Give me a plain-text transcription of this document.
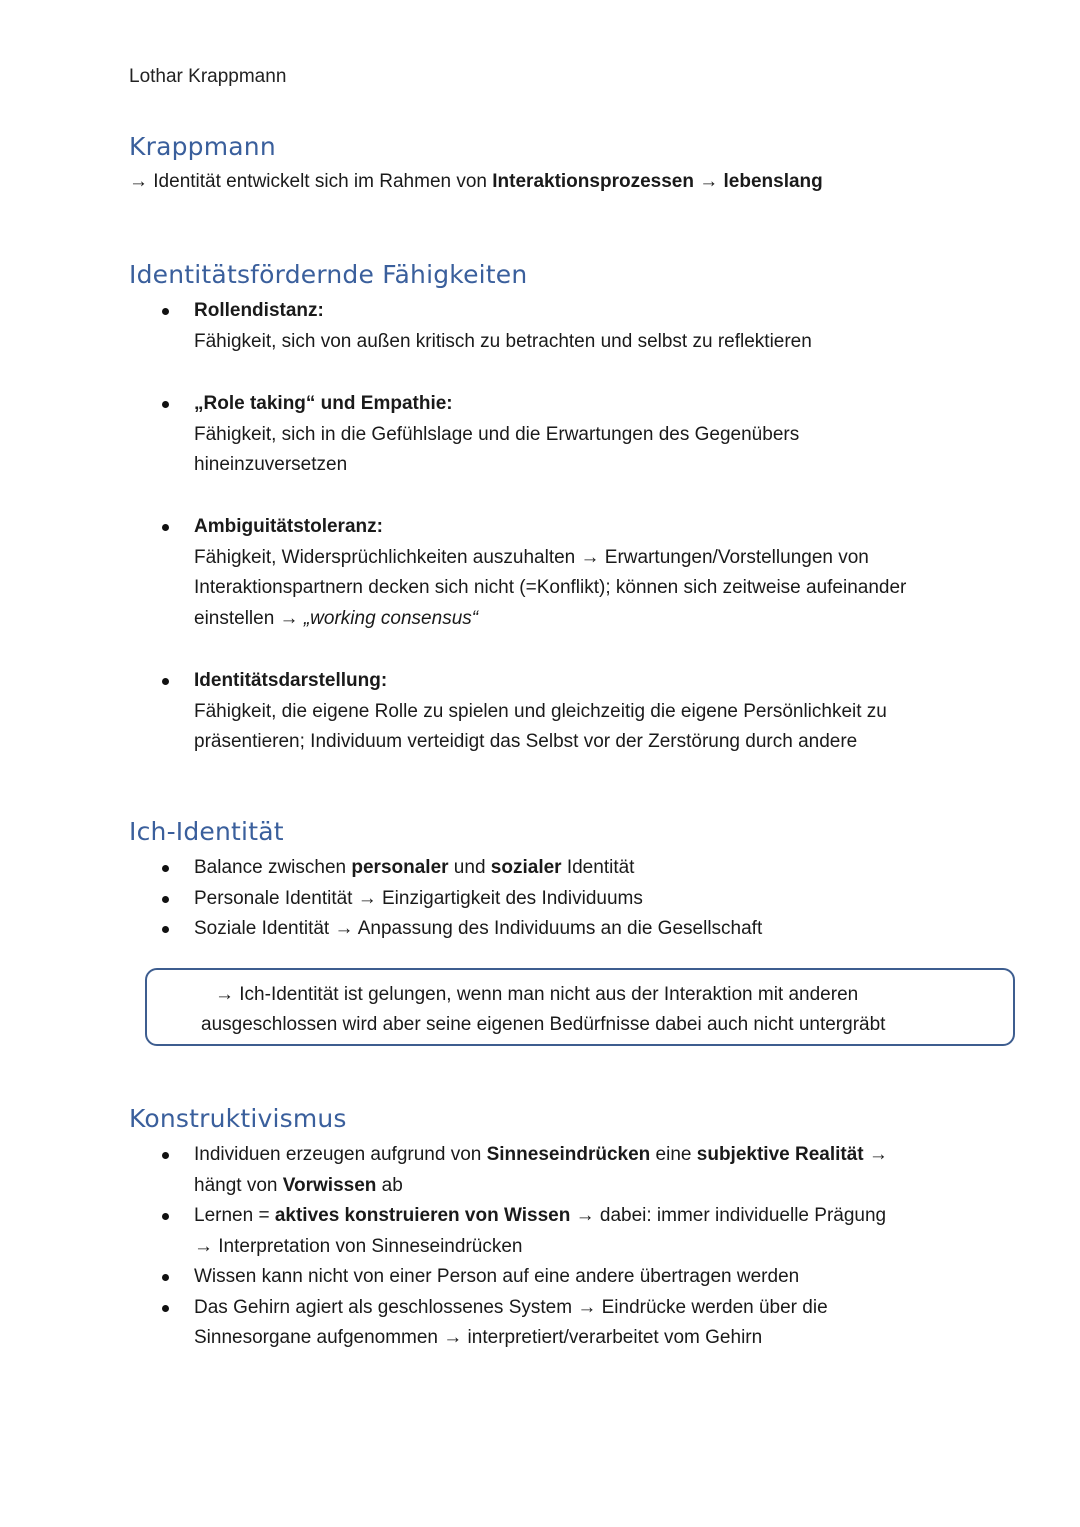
Lothar Krappmann
Krappmann
→ Identität entwickelt sich im Rahmen von Interaktionsprozessen → lebenslang
Identitätsfördernde Fähigkeiten
Rollendistanz:
Fähigkeit, sich von außen kritisch zu betrachten und selbst zu reflektieren
„Role taking“ und Empathie:
Fähigkeit, sich in die Gefühlslage und die Erwartungen des Gegenübers hineinzuversetzen
Ambiguitätstoleranz:
Fähigkeit, Widersprüchlichkeiten auszuhalten → Erwartungen/Vorstellungen von Interaktionspartnern decken sich nicht (=Konflikt); können sich zeitweise aufeinander einstellen → „working consensus“
Identitätsdarstellung:
Fähigkeit, die eigene Rolle zu spielen und gleichzeitig die eigene Persönlichkeit zu präsentieren; Individuum verteidigt das Selbst vor der Zerstörung durch andere
Ich-Identität
Balance zwischen personaler und sozialer Identität
Personale Identität → Einzigartigkeit des Individuums
Soziale Identität → Anpassung des Individuums an die Gesellschaft
→ Ich-Identität ist gelungen, wenn man nicht aus der Interaktion mit anderen
ausgeschlossen wird aber seine eigenen Bedürfnisse dabei auch nicht untergräbt
Konstruktivismus
Individuen erzeugen aufgrund von Sinneseindrücken eine subjektive Realität → hängt von Vorwissen ab
Lernen = aktives konstruieren von Wissen → dabei: immer individuelle Prägung
→ Interpretation von Sinneseindrücken
Wissen kann nicht von einer Person auf eine andere übertragen werden
Das Gehirn agiert als geschlossenes System → Eindrücke werden über die Sinnesorgane aufgenommen → interpretiert/verarbeitet vom Gehirn
